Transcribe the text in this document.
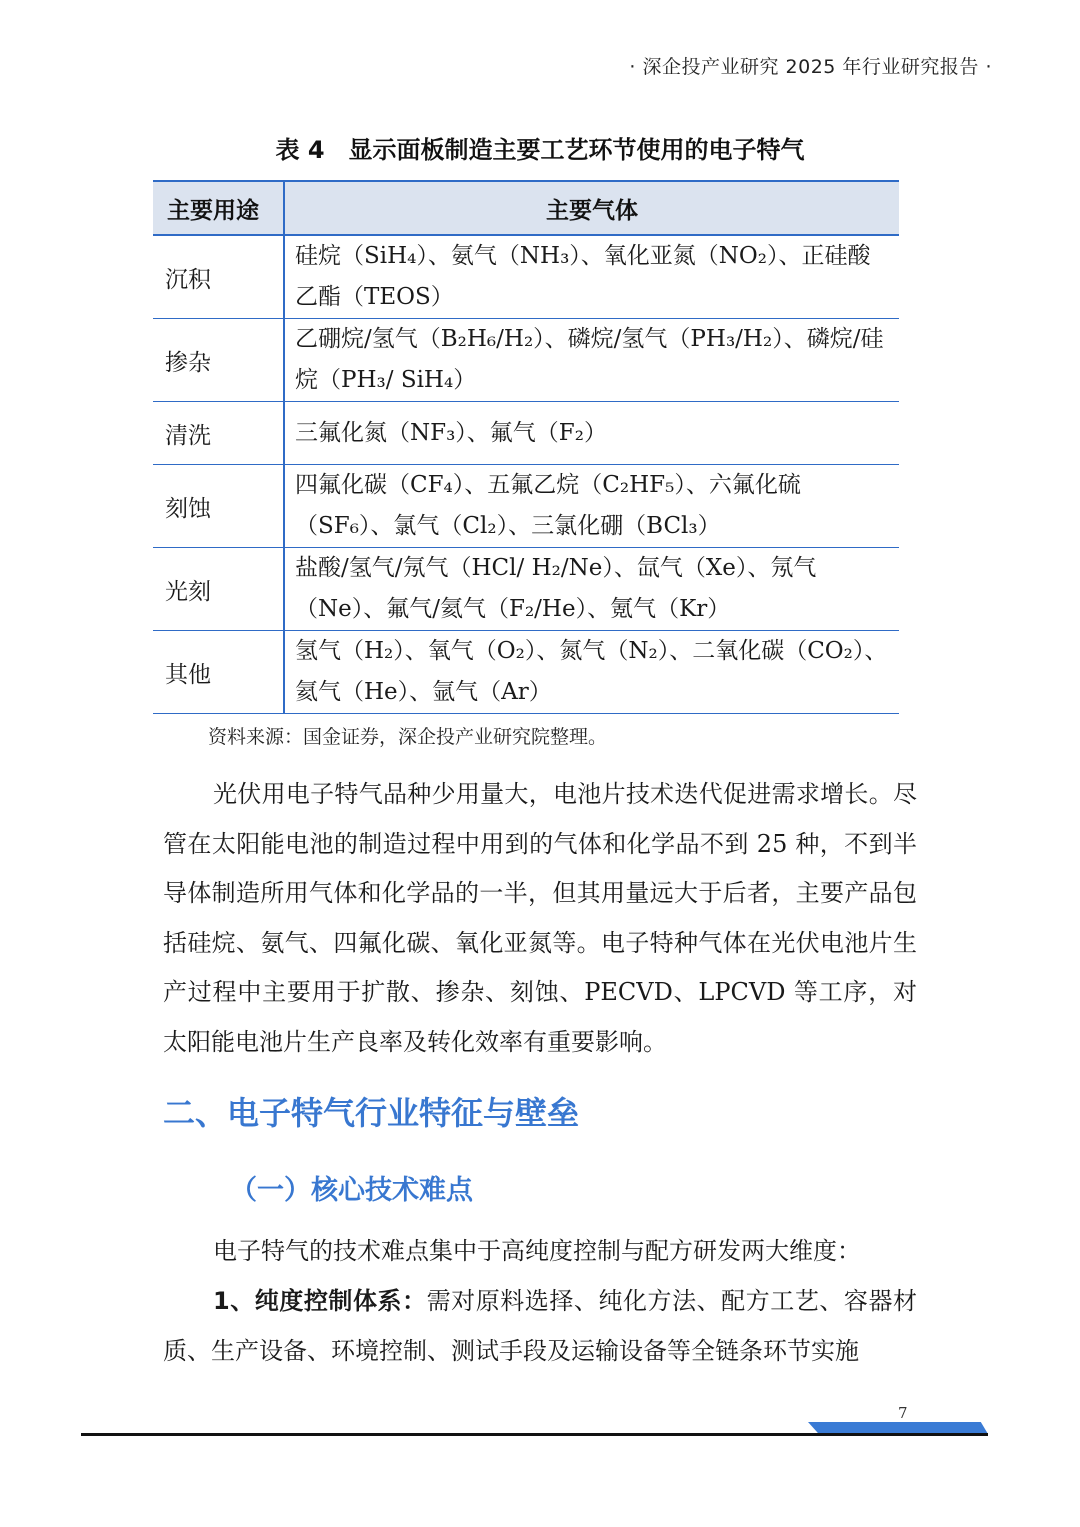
· 深企投产业研究 2025 年行业研究报告 ·
表 4　显示面板制造主要工艺环节使用的电子特气
主要用途	主要气体
沉积	硅烷（SiH₄）、氨气（NH₃）、氧化亚氮（NO₂）、正硅酸乙酯（TEOS）
掺杂	乙硼烷/氢气（B₂H₆/H₂）、磷烷/氢气（PH₃/H₂）、磷烷/硅烷（PH₃/ SiH₄）
清洗	三氟化氮（NF₃）、氟气（F₂）
刻蚀	四氟化碳（CF₄）、五氟乙烷（C₂HF₅）、六氟化硫（SF₆）、氯气（Cl₂）、三氯化硼（BCl₃）
光刻	盐酸/氢气/氖气（HCl/ H₂/Ne）、氙气（Xe）、氖气（Ne）、氟气/氦气（F₂/He）、氪气（Kr）
其他	氢气（H₂）、氧气（O₂）、氮气（N₂）、二氧化碳（CO₂）、氦气（He）、氩气（Ar）
资料来源：国金证券，深企投产业研究院整理。
光伏用电子特气品种少用量大，电池片技术迭代促进需求增长。尽管在太阳能电池的制造过程中用到的气体和化学品不到 25 种，不到半导体制造所用气体和化学品的一半，但其用量远大于后者，主要产品包括硅烷、氨气、四氟化碳、氧化亚氮等。电子特种气体在光伏电池片生产过程中主要用于扩散、掺杂、刻蚀、PECVD、LPCVD 等工序，对太阳能电池片生产良率及转化效率有重要影响。
二、电子特气行业特征与壁垒
（一）核心技术难点
电子特气的技术难点集中于高纯度控制与配方研发两大维度：
1、纯度控制体系：需对原料选择、纯化方法、配方工艺、容器材质、生产设备、环境控制、测试手段及运输设备等全链条环节实施
7
